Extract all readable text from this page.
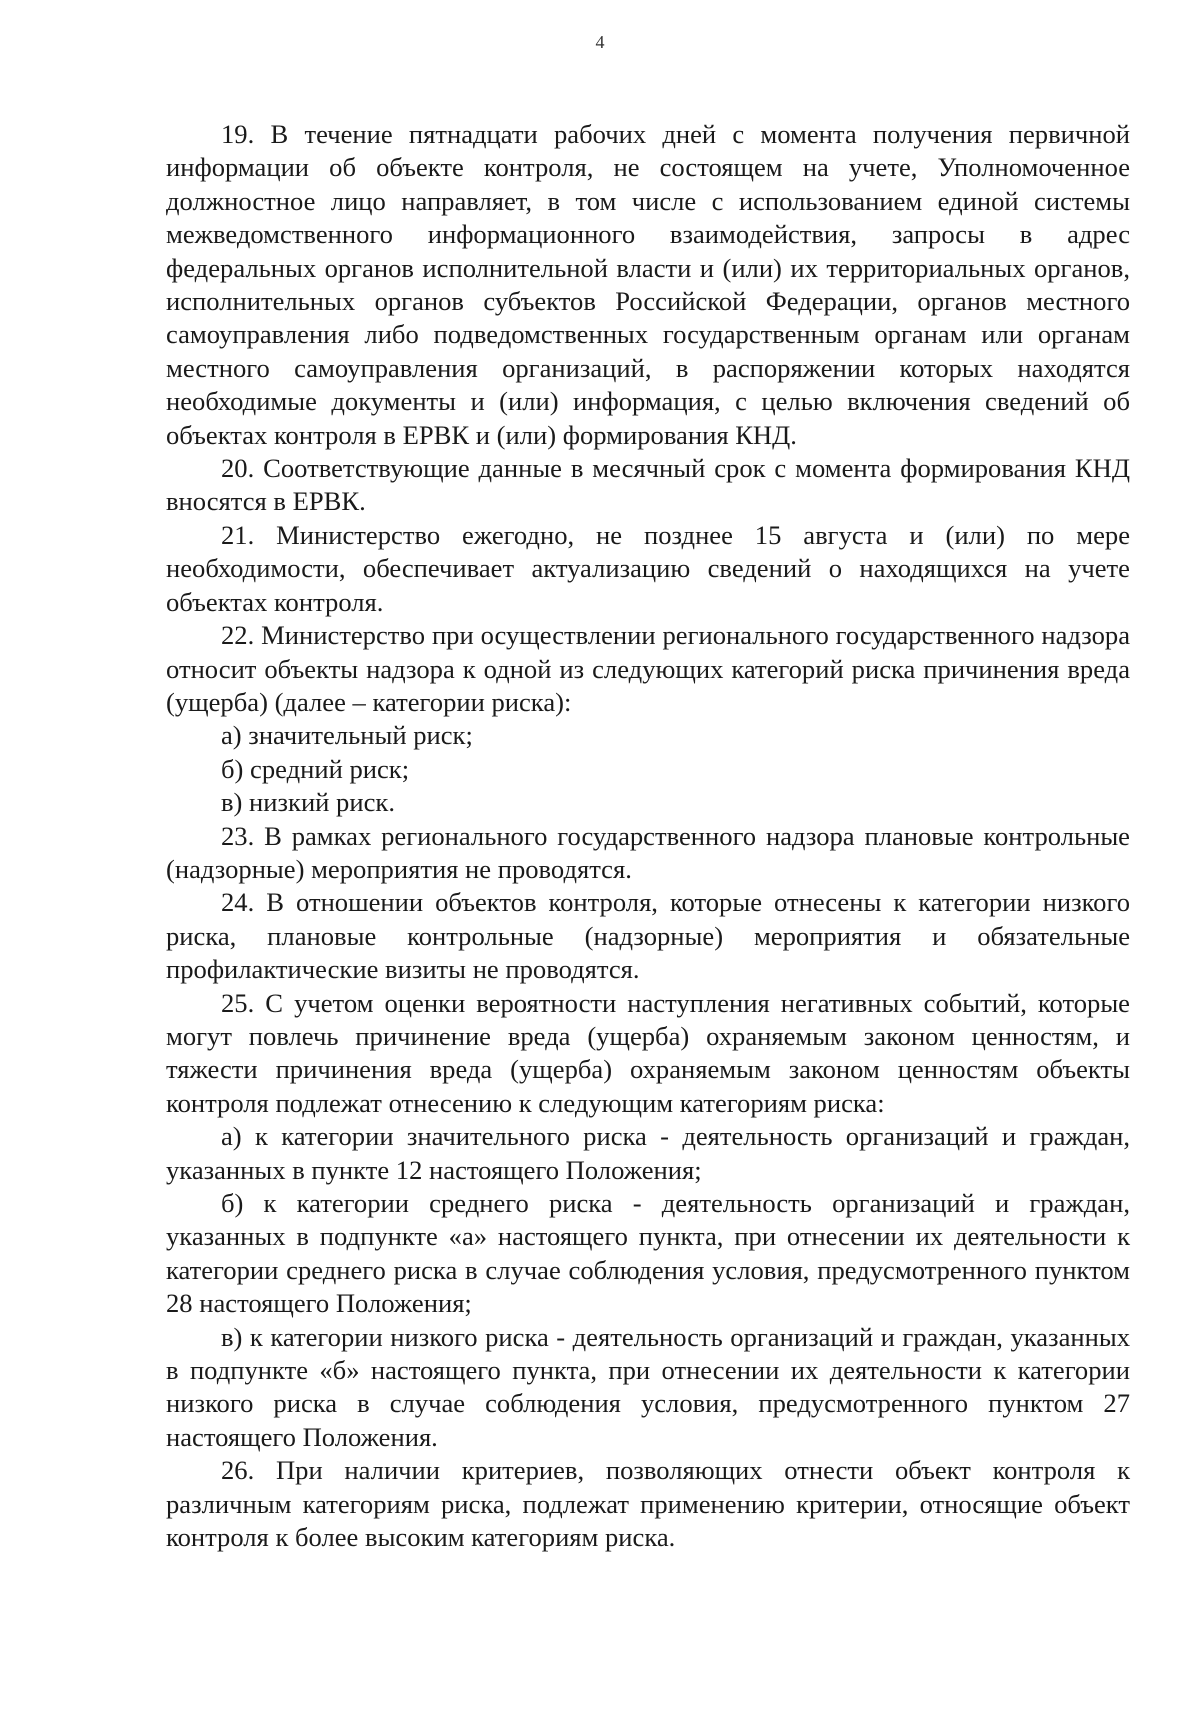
4

19. В течение пятнадцати рабочих дней с момента получения первичной информации об объекте контроля, не состоящем на учете, Уполномоченное должностное лицо направляет, в том числе с использованием единой системы межведомственного информационного взаимодействия, запросы в адрес федеральных органов исполнительной власти и (или) их территориальных органов, исполнительных органов субъектов Российской Федерации, органов местного самоуправления либо подведомственных государственным органам или органам местного самоуправления организаций, в распоряжении которых находятся необходимые документы и (или) информация, с целью включения сведений об объектах контроля в ЕРВК и (или) формирования КНД.

20. Соответствующие данные в месячный срок с момента формирования КНД вносятся в ЕРВК.

21. Министерство ежегодно, не позднее 15 августа и (или) по мере необходимости, обеспечивает актуализацию сведений о находящихся на учете объектах контроля.

22. Министерство при осуществлении регионального государственного надзора относит объекты надзора к одной из следующих категорий риска причинения вреда (ущерба) (далее – категории риска):

а) значительный риск;

б) средний риск;

в) низкий риск.

23. В рамках регионального государственного надзора плановые контрольные (надзорные) мероприятия не проводятся.

24. В отношении объектов контроля, которые отнесены к категории низкого риска, плановые контрольные (надзорные) мероприятия и обязательные профилактические визиты не проводятся.

25. С учетом оценки вероятности наступления негативных событий, которые могут повлечь причинение вреда (ущерба) охраняемым законом ценностям, и тяжести причинения вреда (ущерба) охраняемым законом ценностям объекты контроля подлежат отнесению к следующим категориям риска:

а) к категории значительного риска - деятельность организаций и граждан, указанных в пункте 12 настоящего Положения;

б) к категории среднего риска - деятельность организаций и граждан, указанных в подпункте «а» настоящего пункта, при отнесении их деятельности к категории среднего риска в случае соблюдения условия, предусмотренного пунктом 28 настоящего Положения;

в) к категории низкого риска - деятельность организаций и граждан, указанных в подпункте «б» настоящего пункта, при отнесении их деятельности к категории низкого риска в случае соблюдения условия, предусмотренного пунктом 27 настоящего Положения.

26. При наличии критериев, позволяющих отнести объект контроля к различным категориям риска, подлежат применению критерии, относящие объект контроля к более высоким категориям риска.
